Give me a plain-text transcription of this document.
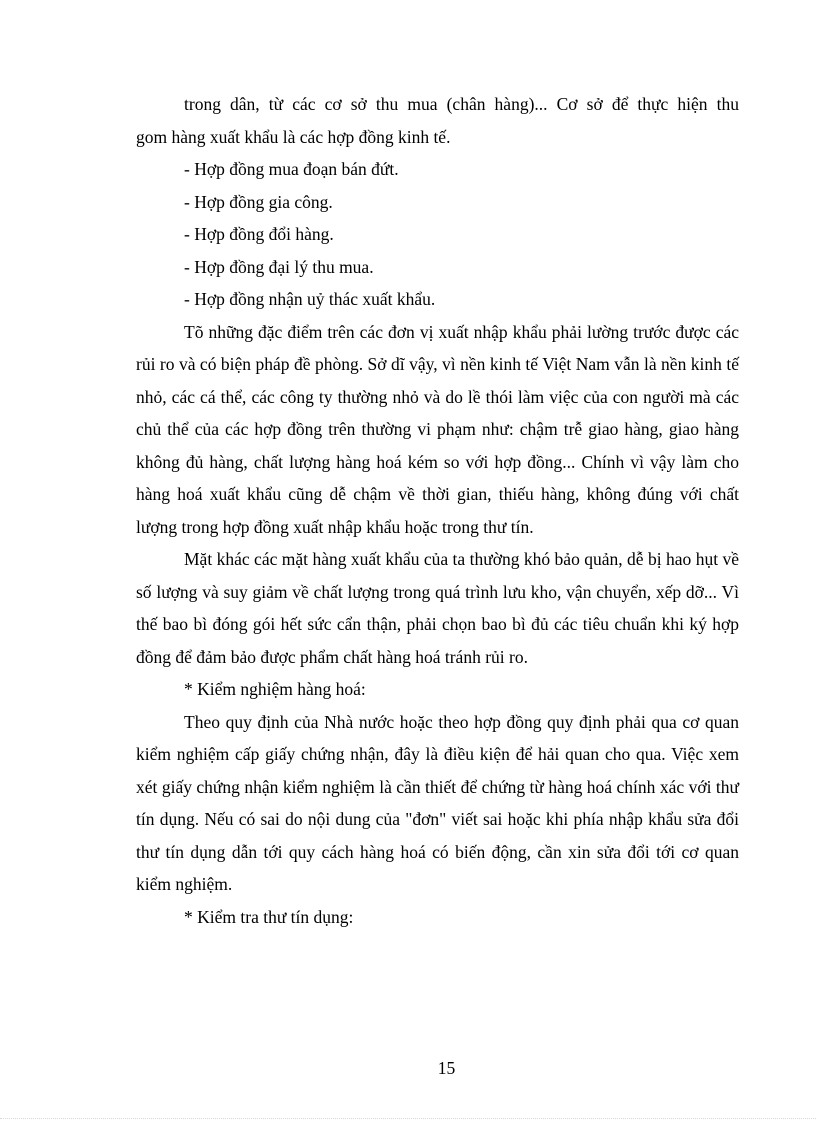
trong dân, từ các cơ sở thu mua (chân hàng)... Cơ sở để thực hiện thu

gom hàng xuất khẩu là các hợp đồng kinh tế.

- Hợp đồng mua đoạn bán đứt.

- Hợp đồng gia công.

- Hợp đồng đổi hàng.

- Hợp đồng đại lý thu mua.

- Hợp đồng nhận uỷ thác xuất khẩu.

Tõ những đặc điểm trên các đơn vị xuất nhập khẩu phải lường trước được các rủi ro và có biện pháp đề phòng. Sở dĩ vậy, vì nền kinh tế Việt Nam vẫn là nền kinh tế nhỏ, các cá thể, các công ty thường nhỏ và do lề thói làm việc của con người mà các chủ thể của các hợp đồng trên thường vi phạm như: chậm trễ giao hàng, giao hàng không đủ hàng, chất lượng hàng hoá kém so với hợp đồng... Chính vì vậy làm cho hàng hoá xuất khẩu cũng dễ chậm về thời gian, thiếu hàng, không đúng với chất lượng trong hợp đồng xuất nhập khẩu hoặc trong thư tín.

Mặt khác các mặt hàng xuất khẩu của ta thường khó bảo quản, dễ bị hao hụt về số lượng và suy giảm về chất lượng trong quá trình lưu kho, vận chuyển, xếp dỡ... Vì thế bao bì đóng gói hết sức cẩn thận, phải chọn bao bì đủ các tiêu chuẩn khi ký hợp đồng để đảm bảo được phẩm chất hàng hoá tránh rủi ro.

* Kiểm nghiệm hàng hoá:

Theo quy định của Nhà nước hoặc theo hợp đồng quy định phải qua cơ quan kiểm nghiệm cấp giấy chứng nhận, đây là điều kiện để hải quan cho qua. Việc xem xét giấy chứng nhận kiểm nghiệm là cần thiết để chứng từ hàng hoá chính xác với thư tín dụng. Nếu có sai do nội dung của "đơn" viết sai hoặc khi phía nhập khẩu sửa đổi thư tín dụng dẫn tới quy cách hàng hoá có biến động, cần xin sửa đổi tới cơ quan kiểm nghiệm.

* Kiểm tra thư tín dụng:

15
